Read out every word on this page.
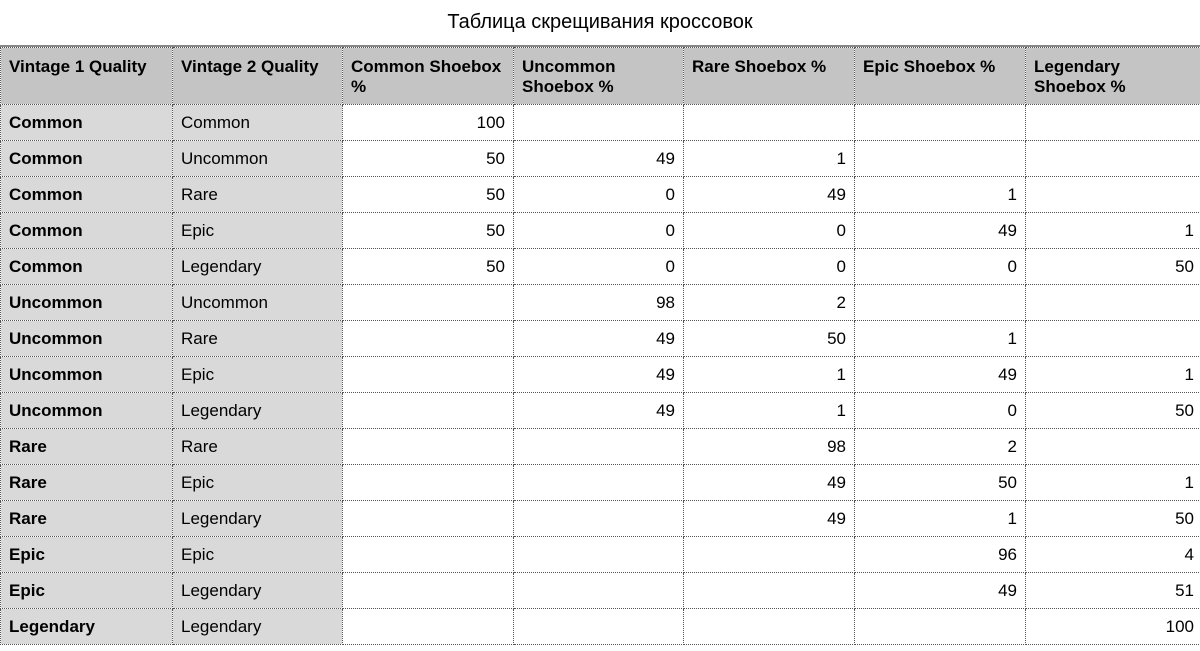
Таблица скрещивания кроссовок
Vintage 1 Quality	Vintage 2 Quality	Common Shoebox %	Uncommon Shoebox %	Rare Shoebox %	Epic Shoebox %	Legendary Shoebox %
Common	Common	100				
Common	Uncommon	50	49	1		
Common	Rare	50	0	49	1	
Common	Epic	50	0	0	49	1
Common	Legendary	50	0	0	0	50
Uncommon	Uncommon		98	2		
Uncommon	Rare		49	50	1	
Uncommon	Epic		49	1	49	1
Uncommon	Legendary		49	1	0	50
Rare	Rare			98	2	
Rare	Epic			49	50	1
Rare	Legendary			49	1	50
Epic	Epic				96	4
Epic	Legendary				49	51
Legendary	Legendary					100
